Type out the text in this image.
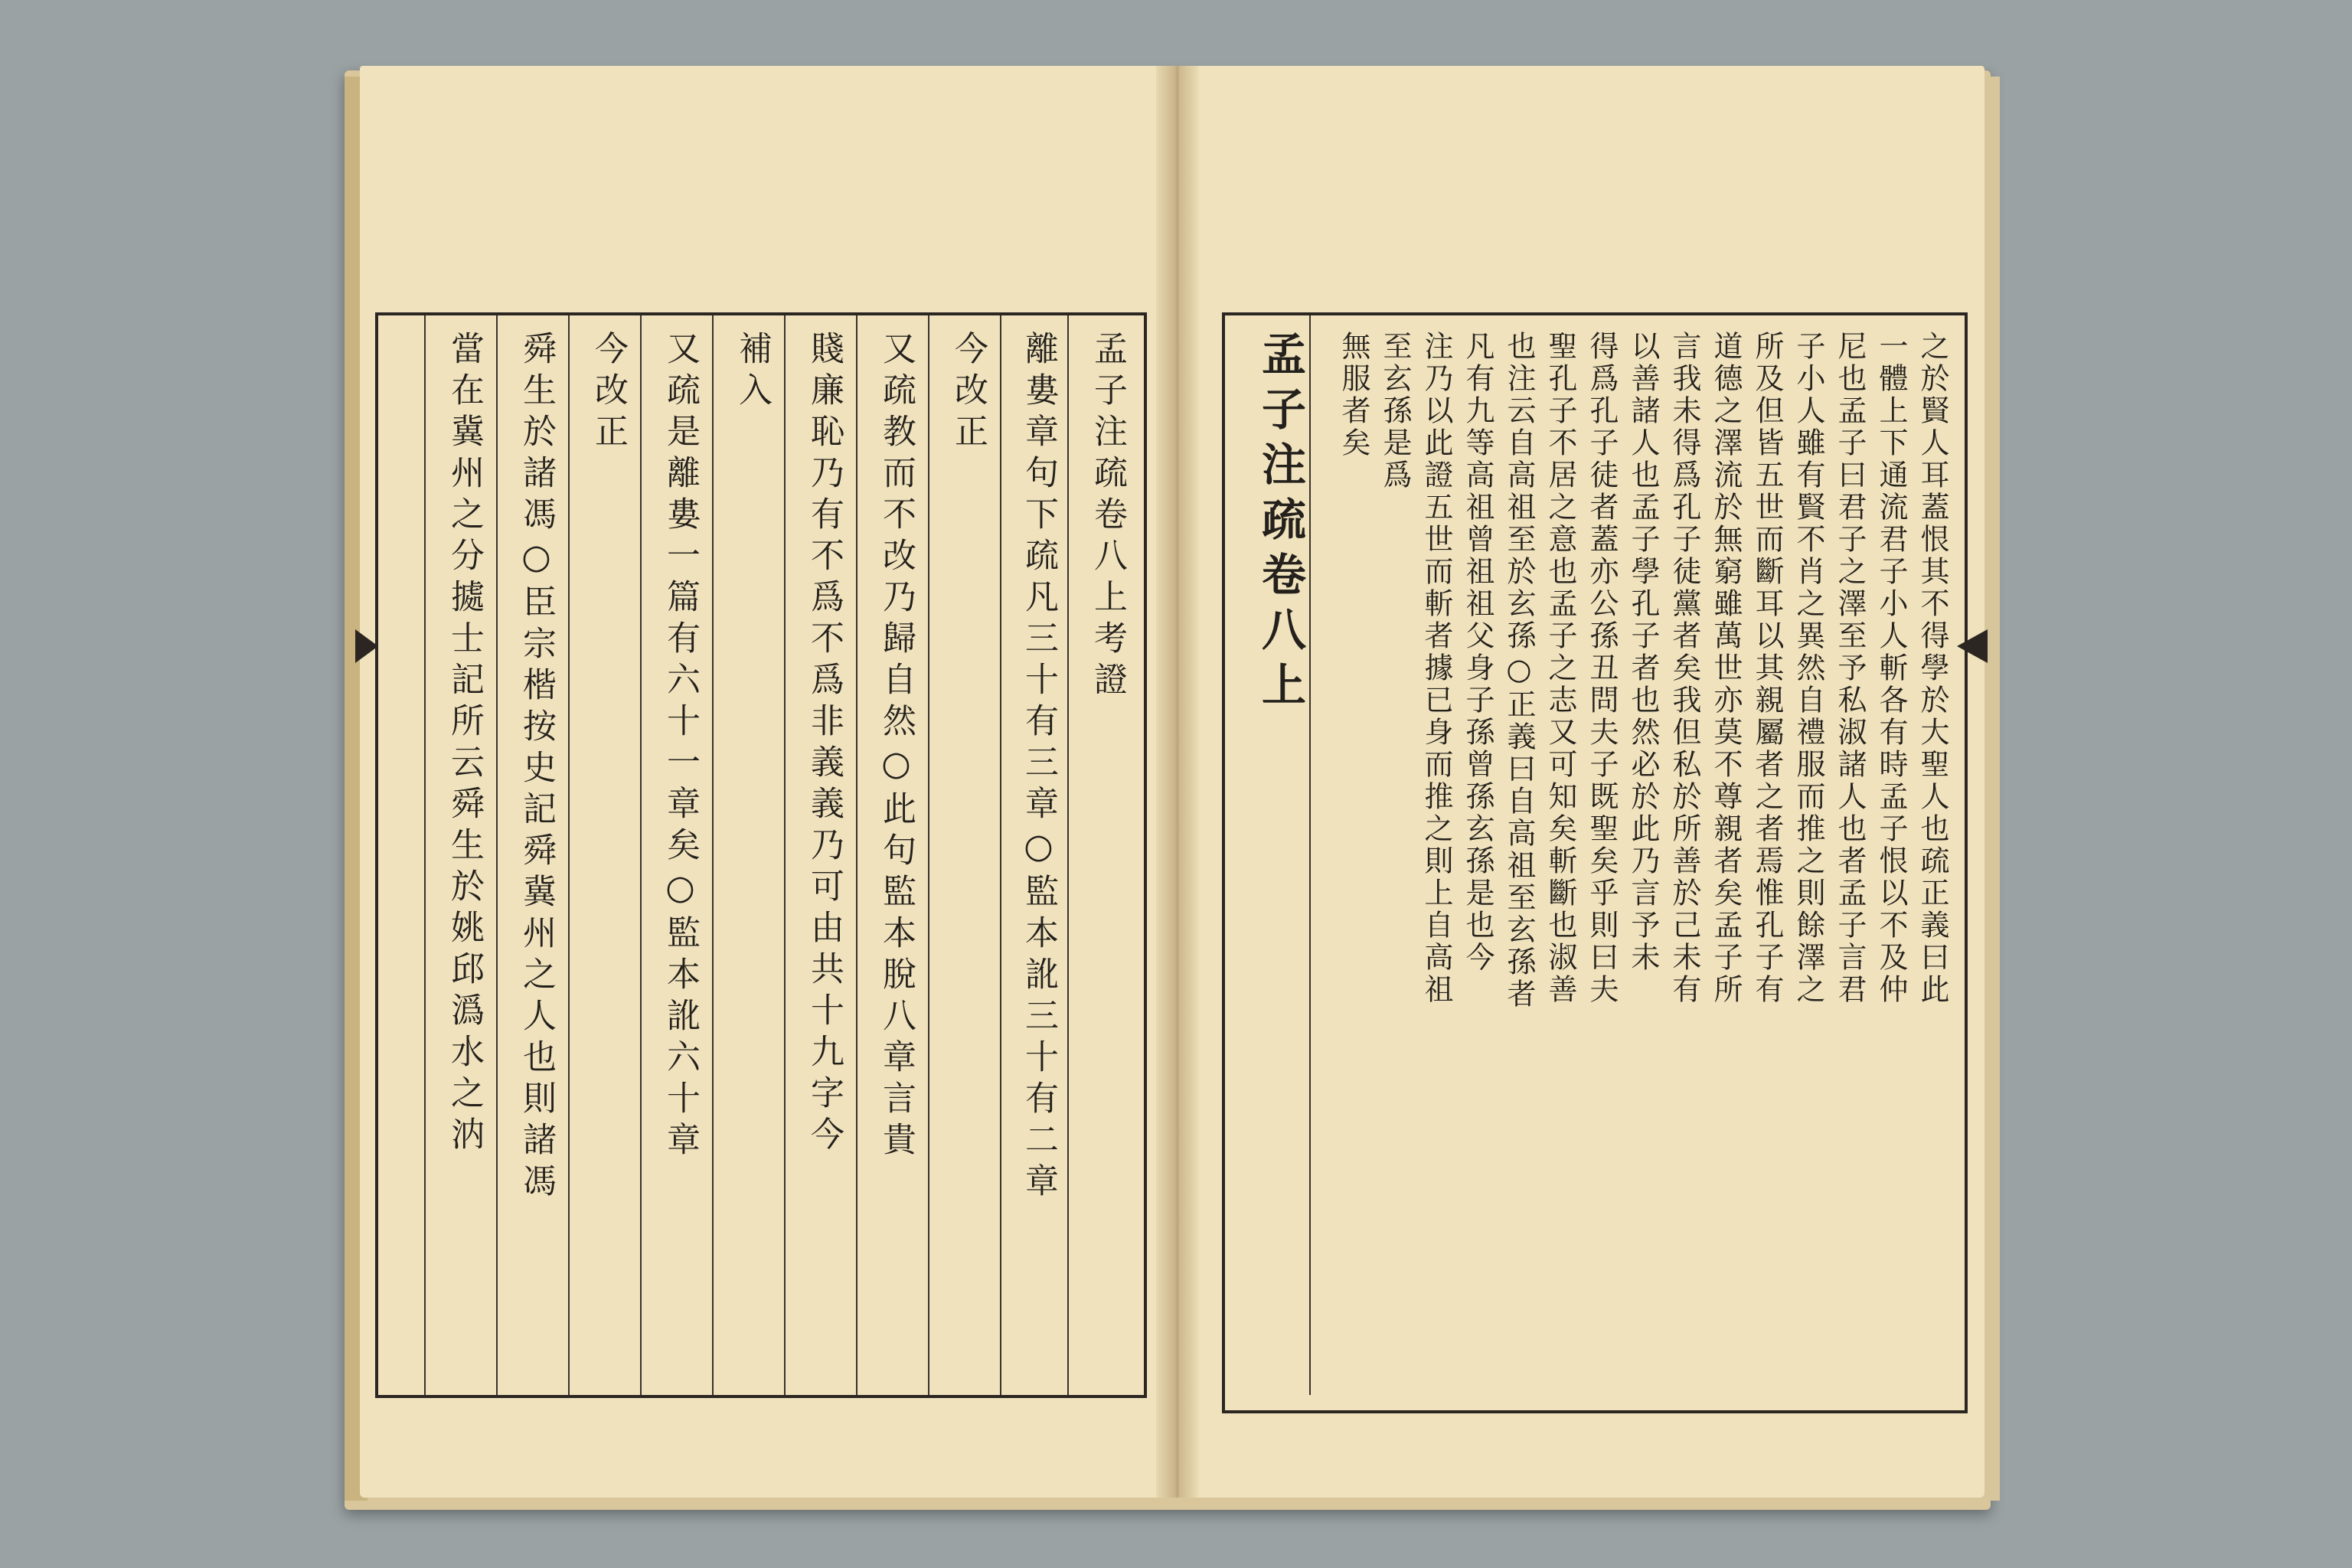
孟子注疏卷八上考證
離婁章句下疏凡三十有三章○監本訛三十有二章
今改正
又疏教而不改乃歸自然○此句監本脫八章言貴
賤廉恥乃有不爲不爲非義義乃可由共十九字今
補入
又疏是離婁一篇有六十一章矣○監本訛六十章
今改正
舜生於諸馮○臣宗楷按史記舜冀州之人也則諸馮
當在冀州之分㨿士記所云舜生於姚邱潙水之汭	孟子注疏卷八上	之於賢人耳蓋恨其不得學於大聖人也疏正義曰此
一體上下通流君子小人斬各有時孟子恨以不及仲
尼也孟子曰君子之澤至予私淑諸人也者孟子言君
子小人雖有賢不肖之異然自禮服而推之則餘澤之
所及但皆五世而斷耳以其親屬者之者焉惟孔子有
道德之澤流於無窮雖萬世亦莫不尊親者矣孟子所
言我未得爲孔子徒黨者矣我但私於所善於己未有
以善諸人也孟子學孔子者也然必於此乃言予未
得爲孔子徒者蓋亦公孫丑問夫子既聖矣乎則曰夫
聖孔子不居之意也孟子之志又可知矣斬斷也淑善
也注云自高祖至於玄孫○正義曰自高祖至玄孫者
凡有九等高祖曾祖祖父身子孫曾孫玄孫是也今
注乃以此證五世而斬者據已身而推之則上自高祖
至玄孫是爲
無服者矣
